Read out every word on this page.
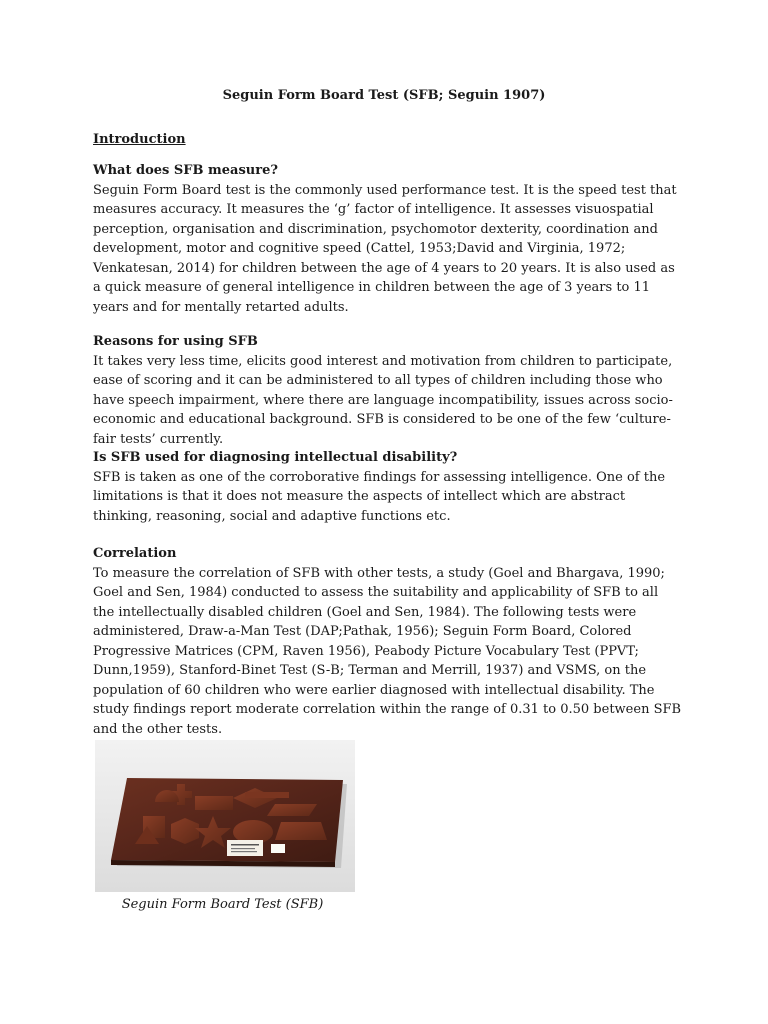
Seguin Form Board Test (SFB; Seguin 1907)
Introduction
What does SFB measure?

Seguin Form Board test is the commonly used performance test. It is the speed test that measures accuracy. It measures the ‘g’ factor of intelligence. It assesses visuospatial perception, organisation and discrimination, psychomotor dexterity, coordination and development, motor and cognitive speed (Cattel, 1953;David and Virginia, 1972; Venkatesan, 2014) for children between the age of 4 years to 20 years. It is also used as a quick measure of general intelligence in children between the age of 3 years to 11 years and for mentally retarted adults.

Reasons for using SFB

It takes very less time, elicits good interest and motivation from children to participate, ease of scoring and it can be administered to all types of children including those who have speech impairment, where there are language incompatibility, issues across socio-economic and educational background. SFB is considered to be one of the few ‘culture-fair tests’ currently.

Is SFB used for diagnosing intellectual disability?

SFB is taken as one of the corroborative findings for assessing intelligence. One of the limitations is that it does not measure the aspects of intellect which are abstract thinking, reasoning, social and adaptive functions etc.

Correlation

To measure the correlation of SFB with other tests, a study (Goel and Bhargava, 1990; Goel and Sen, 1984) conducted to assess the suitability and applicability of SFB to all the intellectually disabled children (Goel and Sen, 1984). The following tests were administered, Draw-a-Man Test (DAP;Pathak, 1956); Seguin Form Board, Colored Progressive Matrices (CPM, Raven 1956), Peabody Picture Vocabulary Test (PPVT; Dunn,1959), Stanford-Binet Test (S-B; Terman and Merrill, 1937) and VSMS, on the population of 60 children who were earlier diagnosed with intellectual disability. The study findings report moderate correlation within the range of 0.31 to 0.50 between SFB and the other tests.

Seguin Form Board Test (SFB)
